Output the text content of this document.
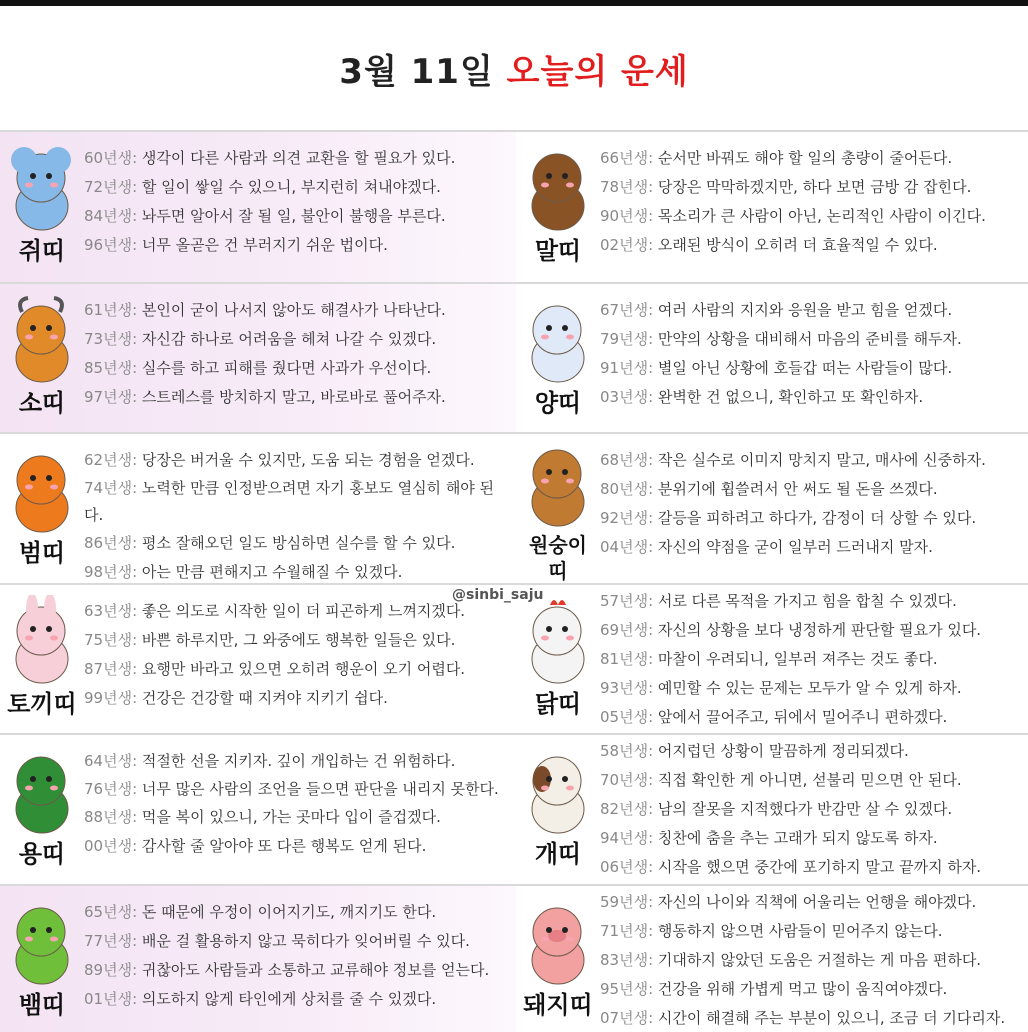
3월 11일 오늘의 운세
@sinbi_saju
쥐띠
60년생: 생각이 다른 사람과 의견 교환을 할 필요가 있다.
72년생: 할 일이 쌓일 수 있으니, 부지런히 쳐내야겠다.
84년생: 놔두면 알아서 잘 될 일, 불안이 불행을 부른다.
96년생: 너무 올곧은 건 부러지기 쉬운 법이다.	말띠
66년생: 순서만 바꿔도 해야 할 일의 총량이 줄어든다.
78년생: 당장은 막막하겠지만, 하다 보면 금방 감 잡힌다.
90년생: 목소리가 큰 사람이 아닌, 논리적인 사람이 이긴다.
02년생: 오래된 방식이 오히려 더 효율적일 수 있다.
소띠
61년생: 본인이 굳이 나서지 않아도 해결사가 나타난다.
73년생: 자신감 하나로 어려움을 헤쳐 나갈 수 있겠다.
85년생: 실수를 하고 피해를 줬다면 사과가 우선이다.
97년생: 스트레스를 방치하지 말고, 바로바로 풀어주자.	양띠
67년생: 여러 사람의 지지와 응원을 받고 힘을 얻겠다.
79년생: 만약의 상황을 대비해서 마음의 준비를 해두자.
91년생: 별일 아닌 상황에 호들갑 떠는 사람들이 많다.
03년생: 완벽한 건 없으니, 확인하고 또 확인하자.
범띠
62년생: 당장은 버거울 수 있지만, 도움 되는 경험을 얻겠다.
74년생: 노력한 만큼 인정받으려면 자기 홍보도 열심히 해야 된다.
86년생: 평소 잘해오던 일도 방심하면 실수를 할 수 있다.
98년생: 아는 만큼 편해지고 수월해질 수 있겠다.
원숭이띠
68년생: 작은 실수로 이미지 망치지 말고, 매사에 신중하자.
80년생: 분위기에 휩쓸려서 안 써도 될 돈을 쓰겠다.
92년생: 갈등을 피하려고 하다가, 감정이 더 상할 수 있다.
04년생: 자신의 약점을 굳이 일부러 드러내지 말자.
토끼띠
63년생: 좋은 의도로 시작한 일이 더 피곤하게 느껴지겠다.
75년생: 바쁜 하루지만, 그 와중에도 행복한 일들은 있다.
87년생: 요행만 바라고 있으면 오히려 행운이 오기 어렵다.
99년생: 건강은 건강할 때 지켜야 지키기 쉽다.	닭띠
57년생: 서로 다른 목적을 가지고 힘을 합칠 수 있겠다.
69년생: 자신의 상황을 보다 냉정하게 판단할 필요가 있다.
81년생: 마찰이 우려되니, 일부러 져주는 것도 좋다.
93년생: 예민할 수 있는 문제는 모두가 알 수 있게 하자.
05년생: 앞에서 끌어주고, 뒤에서 밀어주니 편하겠다.
용띠
64년생: 적절한 선을 지키자. 깊이 개입하는 건 위험하다.
76년생: 너무 많은 사람의 조언을 들으면 판단을 내리지 못한다.
88년생: 먹을 복이 있으니, 가는 곳마다 입이 즐겁겠다.
00년생: 감사할 줄 알아야 또 다른 행복도 얻게 된다.	개띠
58년생: 어지럽던 상황이 말끔하게 정리되겠다.
70년생: 직접 확인한 게 아니면, 섣불리 믿으면 안 된다.
82년생: 남의 잘못을 지적했다가 반감만 살 수 있겠다.
94년생: 칭찬에 춤을 추는 고래가 되지 않도록 하자.
06년생: 시작을 했으면 중간에 포기하지 말고 끝까지 하자.
뱀띠
65년생: 돈 때문에 우정이 이어지기도, 깨지기도 한다.
77년생: 배운 걸 활용하지 않고 묵히다가 잊어버릴 수 있다.
89년생: 귀찮아도 사람들과 소통하고 교류해야 정보를 얻는다.
01년생: 의도하지 않게 타인에게 상처를 줄 수 있겠다.	돼지띠
59년생: 자신의 나이와 직책에 어울리는 언행을 해야겠다.
71년생: 행동하지 않으면 사람들이 믿어주지 않는다.
83년생: 기대하지 않았던 도움은 거절하는 게 마음 편하다.
95년생: 건강을 위해 가볍게 먹고 많이 움직여야겠다.
07년생: 시간이 해결해 주는 부분이 있으니, 조금 더 기다리자.
